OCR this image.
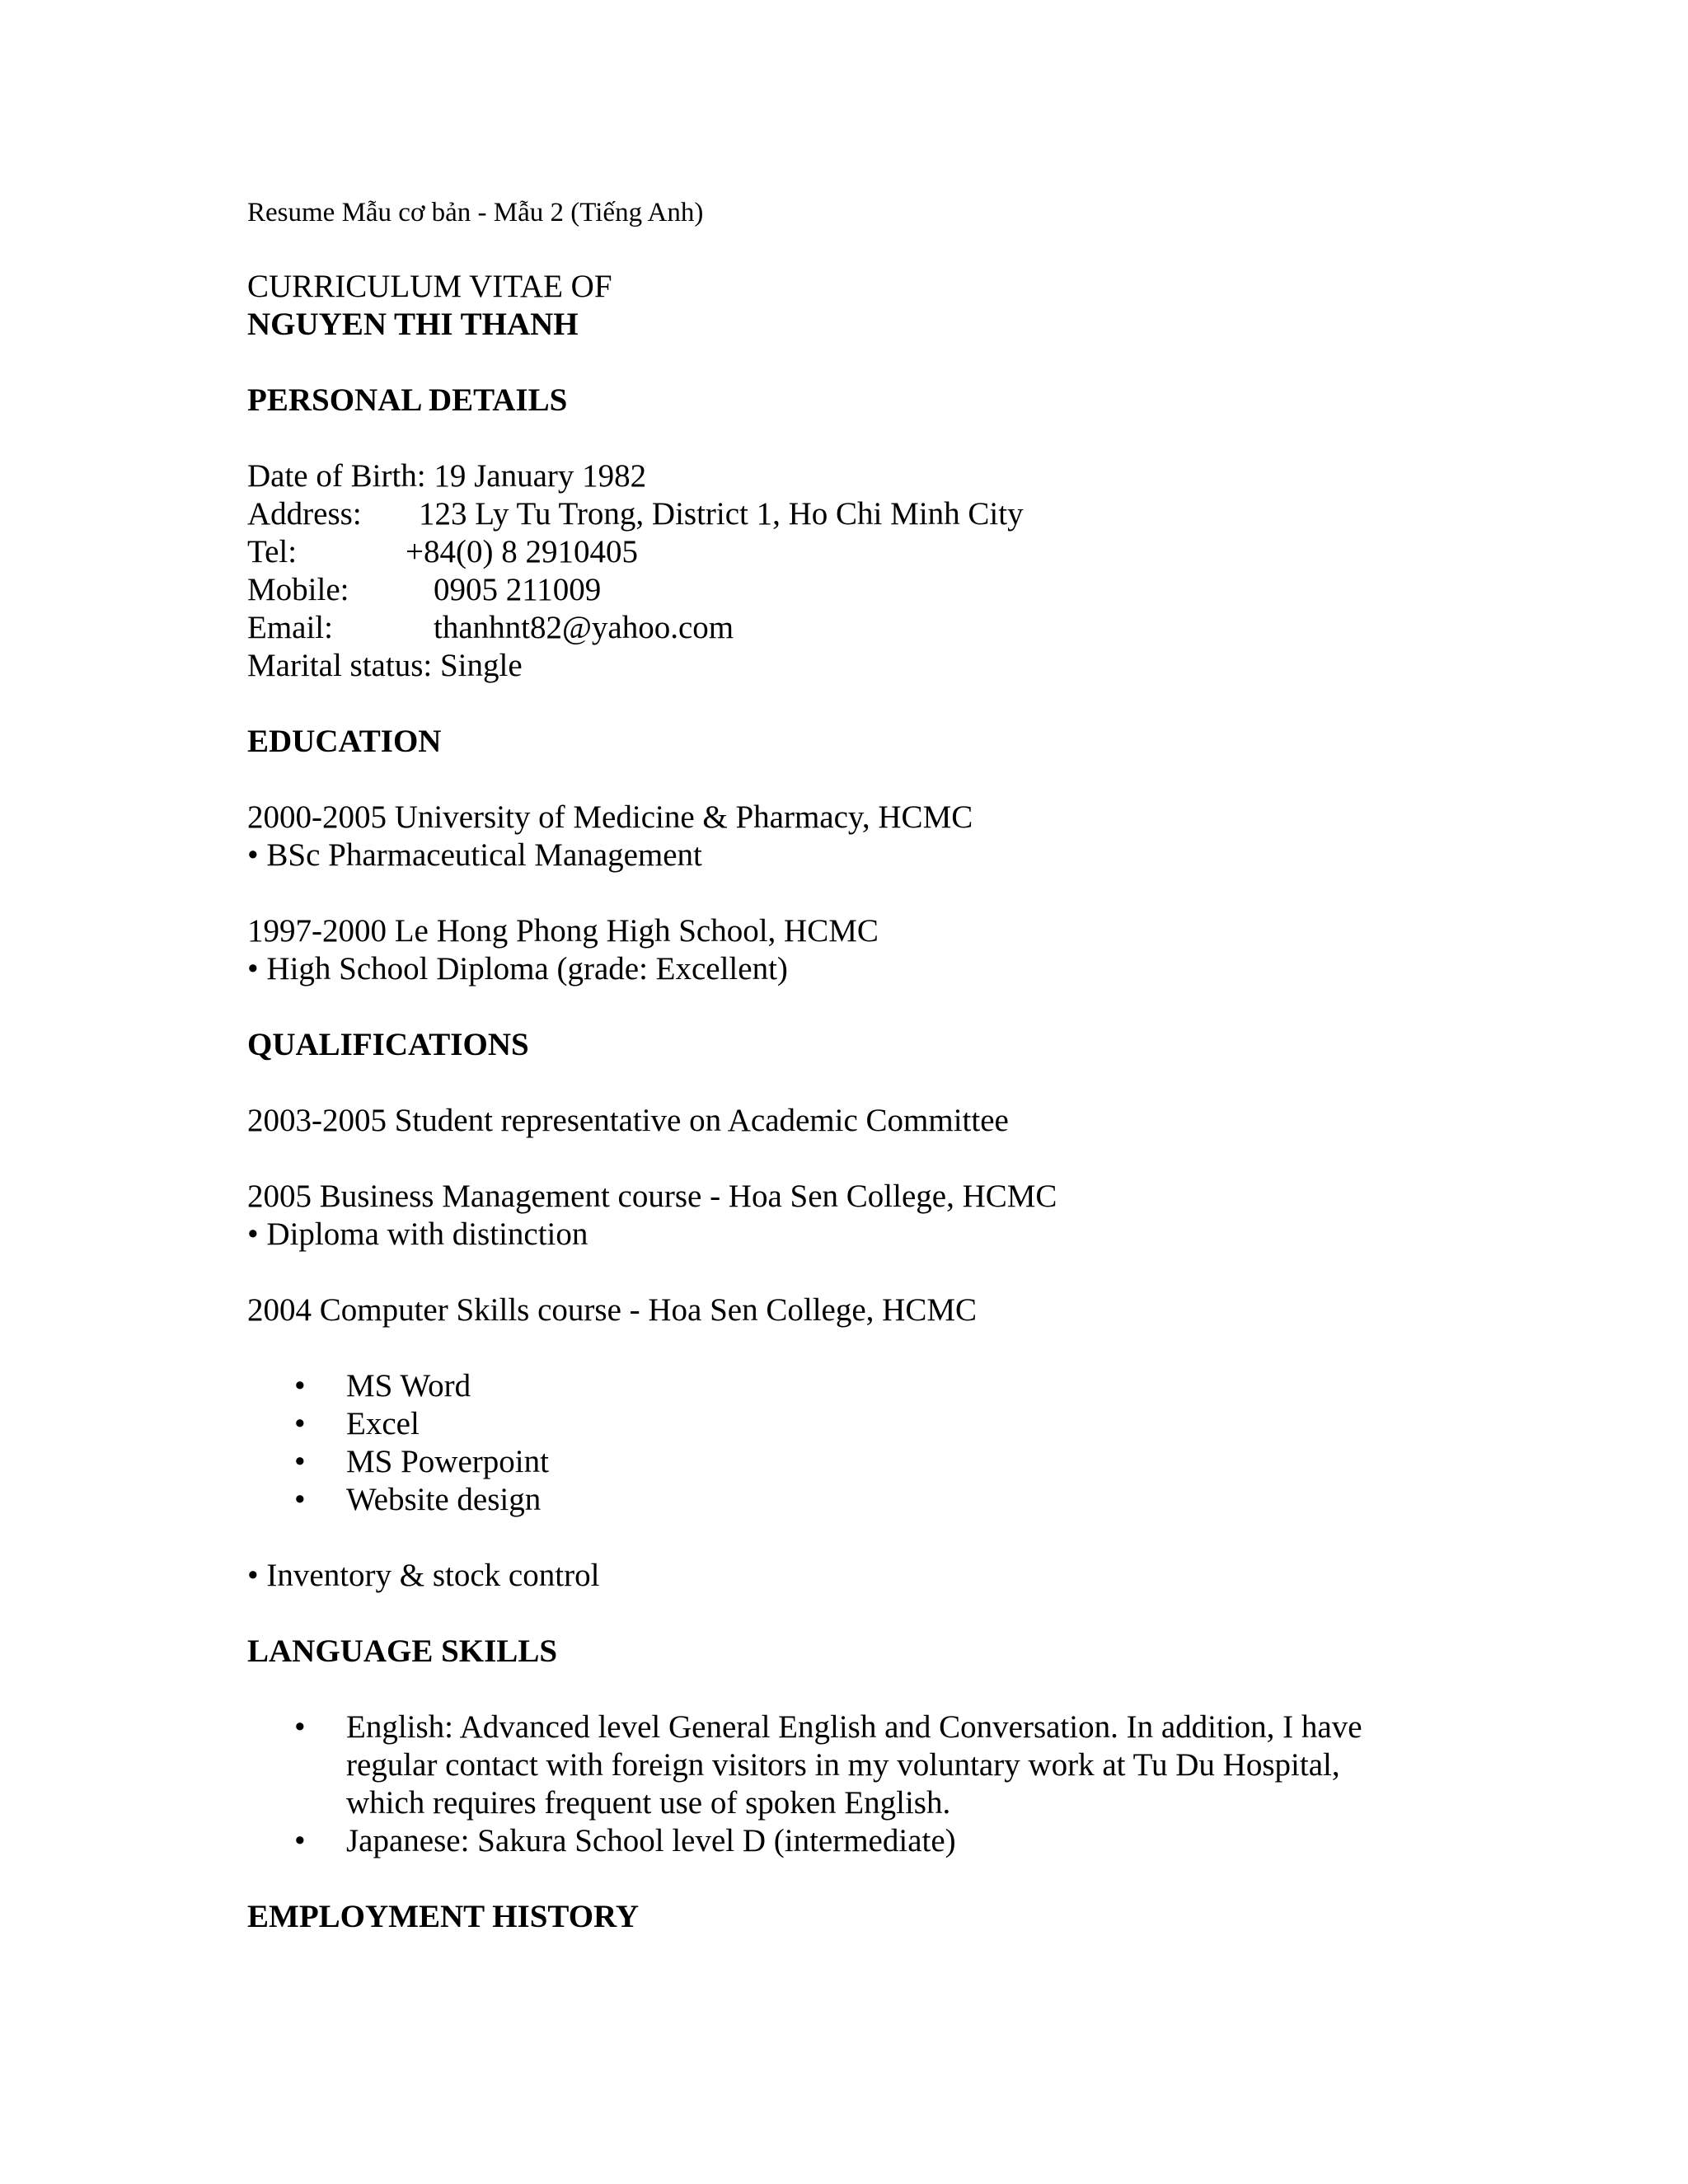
Resume Mẫu cơ bản - Mẫu 2 (Tiếng Anh)
CURRICULUM VITAE OF
NGUYEN THI THANH
PERSONAL DETAILS
Date of Birth: 19 January 1982
Address: 123 Ly Tu Trong, District 1, Ho Chi Minh City
Tel:	+84(0) 8 2910405
Mobile:	0905 211009
Email:	thanhnt82@yahoo.com
Marital status: Single
EDUCATION
2000-2005 University of Medicine & Pharmacy, HCMC
• BSc Pharmaceutical Management
1997-2000 Le Hong Phong High School, HCMC
• High School Diploma (grade: Excellent)
QUALIFICATIONS
2003-2005 Student representative on Academic Committee
2005 Business Management course - Hoa Sen College, HCMC
• Diploma with distinction
2004 Computer Skills course - Hoa Sen College, HCMC
• MS Word
• Excel
• MS Powerpoint
• Website design
• Inventory & stock control
LANGUAGE SKILLS
• English: Advanced level General English and Conversation. In addition, I have
regular contact with foreign visitors in my voluntary work at Tu Du Hospital,
which requires frequent use of spoken English.
• Japanese: Sakura School level D (intermediate)
EMPLOYMENT HISTORY
